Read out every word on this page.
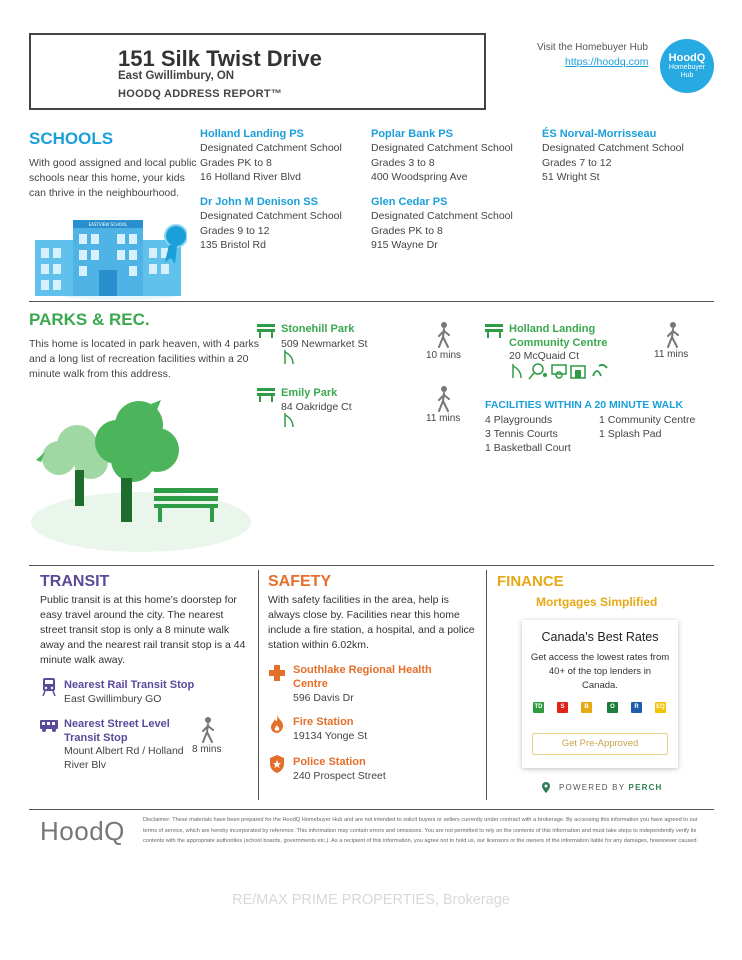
151 Silk Twist Drive
East Gwillimbury, ON
HOODQ ADDRESS REPORT™
Visit the Homebuyer Hub
https://hoodq.com	HoodQ
Homebuyer
Hub
SCHOOLS
With good assigned and local public schools near this home, your kids can thrive in the neighbourhood.
EASTVIEW SCHOOL
Holland Landing PS
Designated Catchment School
Grades PK to 8
16 Holland River Blvd
Poplar Bank PS
Designated Catchment School
Grades 3 to 8
400 Woodspring Ave
ÉS Norval-Morrisseau
Designated Catchment School
Grades 7 to 12
51 Wright St
Dr John M Denison SS
Designated Catchment School
Grades 9 to 12
135 Bristol Rd
Glen Cedar PS
Designated Catchment School
Grades PK to 8
915 Wayne Dr
PARKS & REC.
This home is located in park heaven, with 4 parks and a long list of recreation facilities within a 20 minute walk from this address.
Stonehill Park
509 Newmarket St
10 mins
Emily Park
84 Oakridge Ct
11 mins
Holland Landing
Community Centre
20 McQuaid Ct	11 mins
FACILITIES WITHIN A 20 MINUTE WALK
4 Playgrounds	1 Community Centre
3 Tennis Courts	1 Splash Pad
1 Basketball Court
TRANSIT
Public transit is at this home's doorstep for easy travel around the city. The nearest street transit stop is only a 8 minute walk away and the nearest rail transit stop is a 44 minute walk away.
Nearest Rail Transit Stop
East Gwillimbury GO
Nearest Street Level
Transit Stop
Mount Albert Rd / Holland River Blv
8 mins
SAFETY
With safety facilities in the area, help is always close by. Facilities near this home include a fire station, a hospital, and a police station within 6.02km.
Southlake Regional Health
Centre
596 Davis Dr
Fire Station
19134 Yonge St
Police Station
240 Prospect Street
FINANCE
Mortgages Simplified
Canada's Best Rates
Get access the lowest rates from 40+ of the top lenders in Canada.
TD	S	B	O	R	EQ
Get Pre-Approved
POWERED BY PERCH
HoodQ	Disclaimer: These materials have been prepared for the HoodQ Homebuyer Hub and are not intended to solicit buyers or sellers currently under contract with a brokerage. By accessing this information you have agreed to our terms of service, which are hereby incorporated by reference. This information may contain errors and omissions. You are not permitted to rely on the contents of this information and must take steps to independently verify its contents with the appropriate authorities (school boards, governments etc.). As a recipient of this information, you agree not to hold us, our licensors or the owners of the information liable for any damages, howsoever caused.
RE/MAX PRIME PROPERTIES, Brokerage
